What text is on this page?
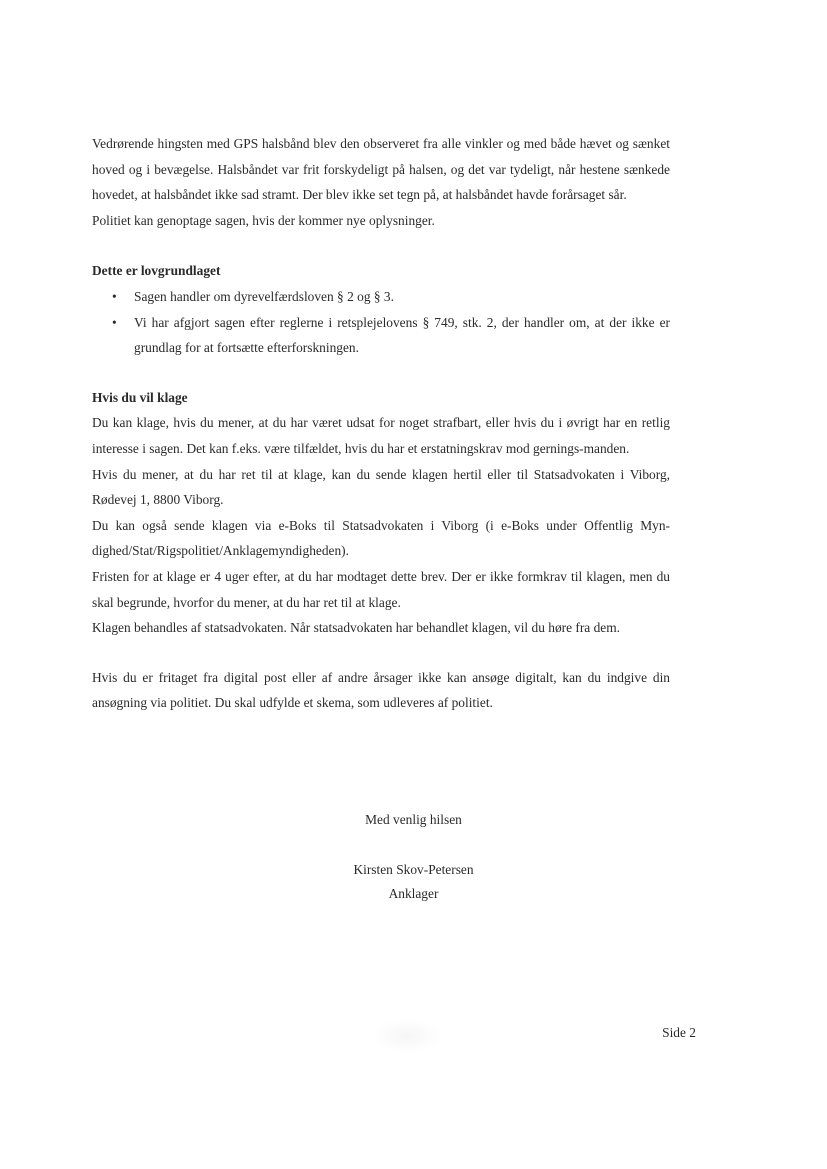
Vedrørende hingsten med GPS halsbånd blev den observeret fra alle vinkler og med både hævet og sænket hoved og i bevægelse. Halsbåndet var frit forskydeligt på halsen, og det var tydeligt, når hestene sænkede hovedet, at halsbåndet ikke sad stramt. Der blev ikke set tegn på, at halsbåndet havde forårsaget sår.

Politiet kan genoptage sagen, hvis der kommer nye oplysninger.

Dette er lovgrundlaget

• Sagen handler om dyrevelfærdsloven § 2 og § 3.
• Vi har afgjort sagen efter reglerne i retsplejelovens § 749, stk. 2, der handler om, at der ikke er grundlag for at fortsætte efterforskningen.

Hvis du vil klage

Du kan klage, hvis du mener, at du har været udsat for noget strafbart, eller hvis du i øvrigt har en retlig interesse i sagen. Det kan f.eks. være tilfældet, hvis du har et erstatningskrav mod gernings-manden.

Hvis du mener, at du har ret til at klage, kan du sende klagen hertil eller til Statsadvokaten i Viborg, Rødevej 1, 8800 Viborg.

Du kan også sende klagen via e-Boks til Statsadvokaten i Viborg (i e-Boks under Offentlig Myn-dighed/Stat/Rigspolitiet/Anklagemyndigheden).

Fristen for at klage er 4 uger efter, at du har modtaget dette brev. Der er ikke formkrav til klagen, men du skal begrunde, hvorfor du mener, at du har ret til at klage.

Klagen behandles af statsadvokaten. Når statsadvokaten har behandlet klagen, vil du høre fra dem.

Hvis du er fritaget fra digital post eller af andre årsager ikke kan ansøge digitalt, kan du indgive din ansøgning via politiet. Du skal udfylde et skema, som udleveres af politiet.

Med venlig hilsen
Kirsten Skov-Petersen
Anklager
Side 2
